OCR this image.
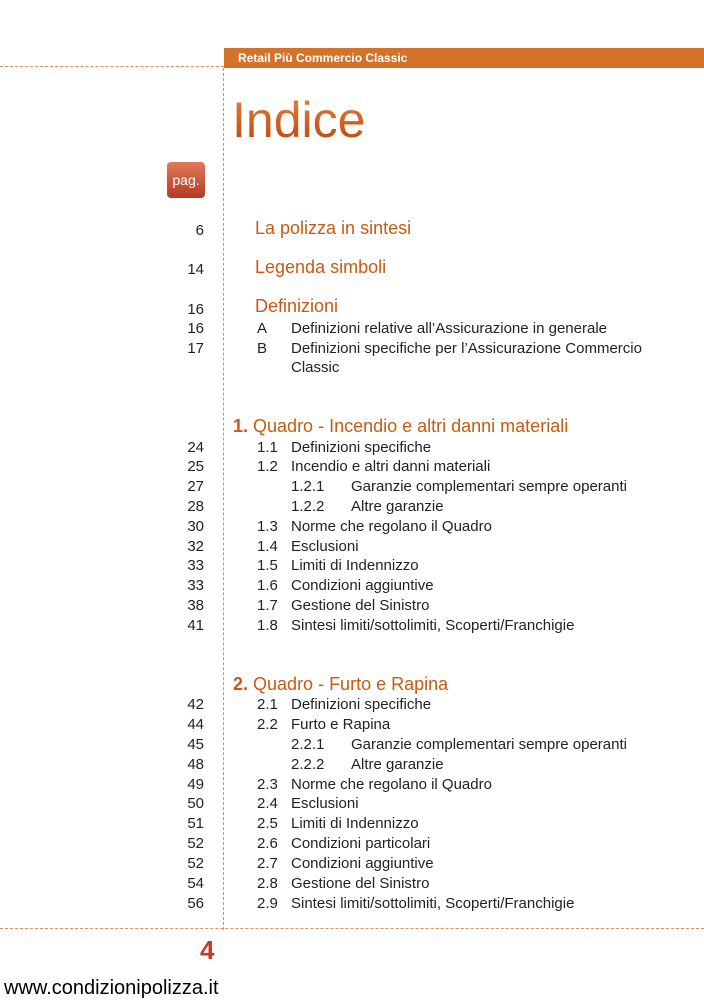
Retail Più Commercio Classic
Indice
pag.
6	La polizza in sintesi
14	Legenda simboli
16	Definizioni
16	A Definizioni relative all’Assicurazione in generale
17	B Definizioni specifiche per l’Assicurazione Commercio
Classic
1. Quadro - Incendio e altri danni materiali
24	1.1 Definizioni specifiche
25	1.2 Incendio e altri danni materiali
27	1.2.1 Garanzie complementari sempre operanti
28	1.2.2 Altre garanzie
30	1.3 Norme che regolano il Quadro
32	1.4 Esclusioni
33	1.5 Limiti di Indennizzo
33	1.6 Condizioni aggiuntive
38	1.7 Gestione del Sinistro
41	1.8 Sintesi limiti/sottolimiti, Scoperti/Franchigie
2. Quadro - Furto e Rapina
42	2.1 Definizioni specifiche
44	2.2 Furto e Rapina
45	2.2.1 Garanzie complementari sempre operanti
48	2.2.2 Altre garanzie
49	2.3 Norme che regolano il Quadro
50	2.4 Esclusioni
51	2.5 Limiti di Indennizzo
52	2.6 Condizioni particolari
52	2.7 Condizioni aggiuntive
54	2.8 Gestione del Sinistro
56	2.9 Sintesi limiti/sottolimiti, Scoperti/Franchigie
4
www.condizionipolizza.it
